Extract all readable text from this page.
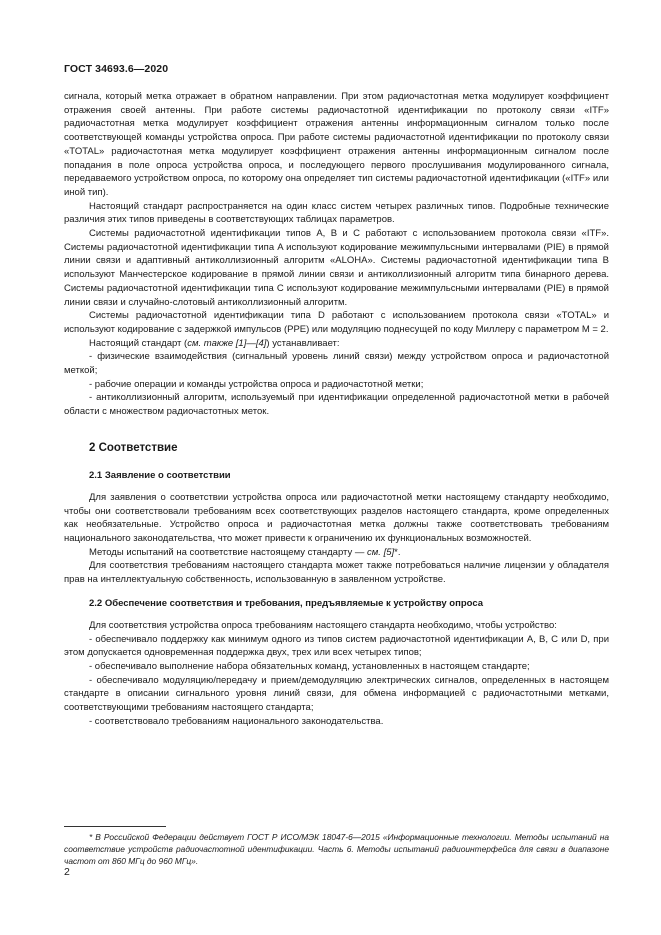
ГОСТ 34693.6—2020

сигнала, который метка отражает в обратном направлении. При этом радиочастотная метка модулирует коэффициент отражения своей антенны. При работе системы радиочастотной идентификации по протоколу связи «ITF» радиочастотная метка модулирует коэффициент отражения антенны информационным сигналом только после соответствующей команды устройства опроса. При работе системы радиочастотной идентификации по протоколу связи «TOTAL» радиочастотная метка модулирует коэффициент отражения антенны информационным сигналом после попадания в поле опроса устройства опроса, и последующего первого прослушивания модулированного сигнала, передаваемого устройством опроса, по которому она определяет тип системы радиочастотной идентификации («ITF» или иной тип).

Настоящий стандарт распространяется на один класс систем четырех различных типов. Подробные технические различия этих типов приведены в соответствующих таблицах параметров.

Системы радиочастотной идентификации типов A, B и C работают с использованием протокола связи «ITF». Системы радиочастотной идентификации типа A используют кодирование межимпульсными интервалами (PIE) в прямой линии связи и адаптивный антиколлизионный алгоритм «ALOHA». Системы радиочастотной идентификации типа B используют Манчестерское кодирование в прямой линии связи и антиколлизионный алгоритм типа бинарного дерева. Системы радиочастотной идентификации типа C используют кодирование межимпульсными интервалами (PIE) в прямой линии связи и случайно-слотовый антиколлизионный алгоритм.

Системы радиочастотной идентификации типа D работают с использованием протокола связи «TOTAL» и используют кодирование с задержкой импульсов (PPE) или модуляцию поднесущей по коду Миллеру с параметром M = 2.

Настоящий стандарт (см. также [1]—[4]) устанавливает:

- физические взаимодействия (сигнальный уровень линий связи) между устройством опроса и радиочастотной меткой;

- рабочие операции и команды устройства опроса и радиочастотной метки;

- антиколлизионный алгоритм, используемый при идентификации определенной радиочастотной метки в рабочей области с множеством радиочастотных меток.

2 Соответствие
2.1 Заявление о соответствии

Для заявления о соответствии устройства опроса или радиочастотной метки настоящему стандарту необходимо, чтобы они соответствовали требованиям всех соответствующих разделов настоящего стандарта, кроме определенных как необязательные. Устройство опроса и радиочастотная метка должны также соответствовать требованиям национального законодательства, что может привести к ограничению их функциональных возможностей.

Методы испытаний на соответствие настоящему стандарту — см. [5]*.

Для соответствия требованиям настоящего стандарта может также потребоваться наличие лицензии у обладателя прав на интеллектуальную собственность, использованную в заявленном устройстве.

2.2 Обеспечение соответствия и требования, предъявляемые к устройству опроса

Для соответствия устройства опроса требованиям настоящего стандарта необходимо, чтобы устройство:

- обеспечивало поддержку как минимум одного из типов систем радиочастотной идентификации A, B, C или D, при этом допускается одновременная поддержка двух, трех или всех четырех типов;

- обеспечивало выполнение набора обязательных команд, установленных в настоящем стандарте;

- обеспечивало модуляцию/передачу и прием/демодуляцию электрических сигналов, определенных в настоящем стандарте в описании сигнального уровня линий связи, для обмена информацией с радиочастотными метками, соответствующими требованиям настоящего стандарта;

- соответствовало требованиям национального законодательства.

* В Российской Федерации действует ГОСТ Р ИСО/МЭК 18047-6—2015 «Информационные технологии. Методы испытаний на соответствие устройств радиочастотной идентификации. Часть 6. Методы испытаний радиоинтерфейса для связи в диапазоне частот от 860 МГц до 960 МГц».
2
